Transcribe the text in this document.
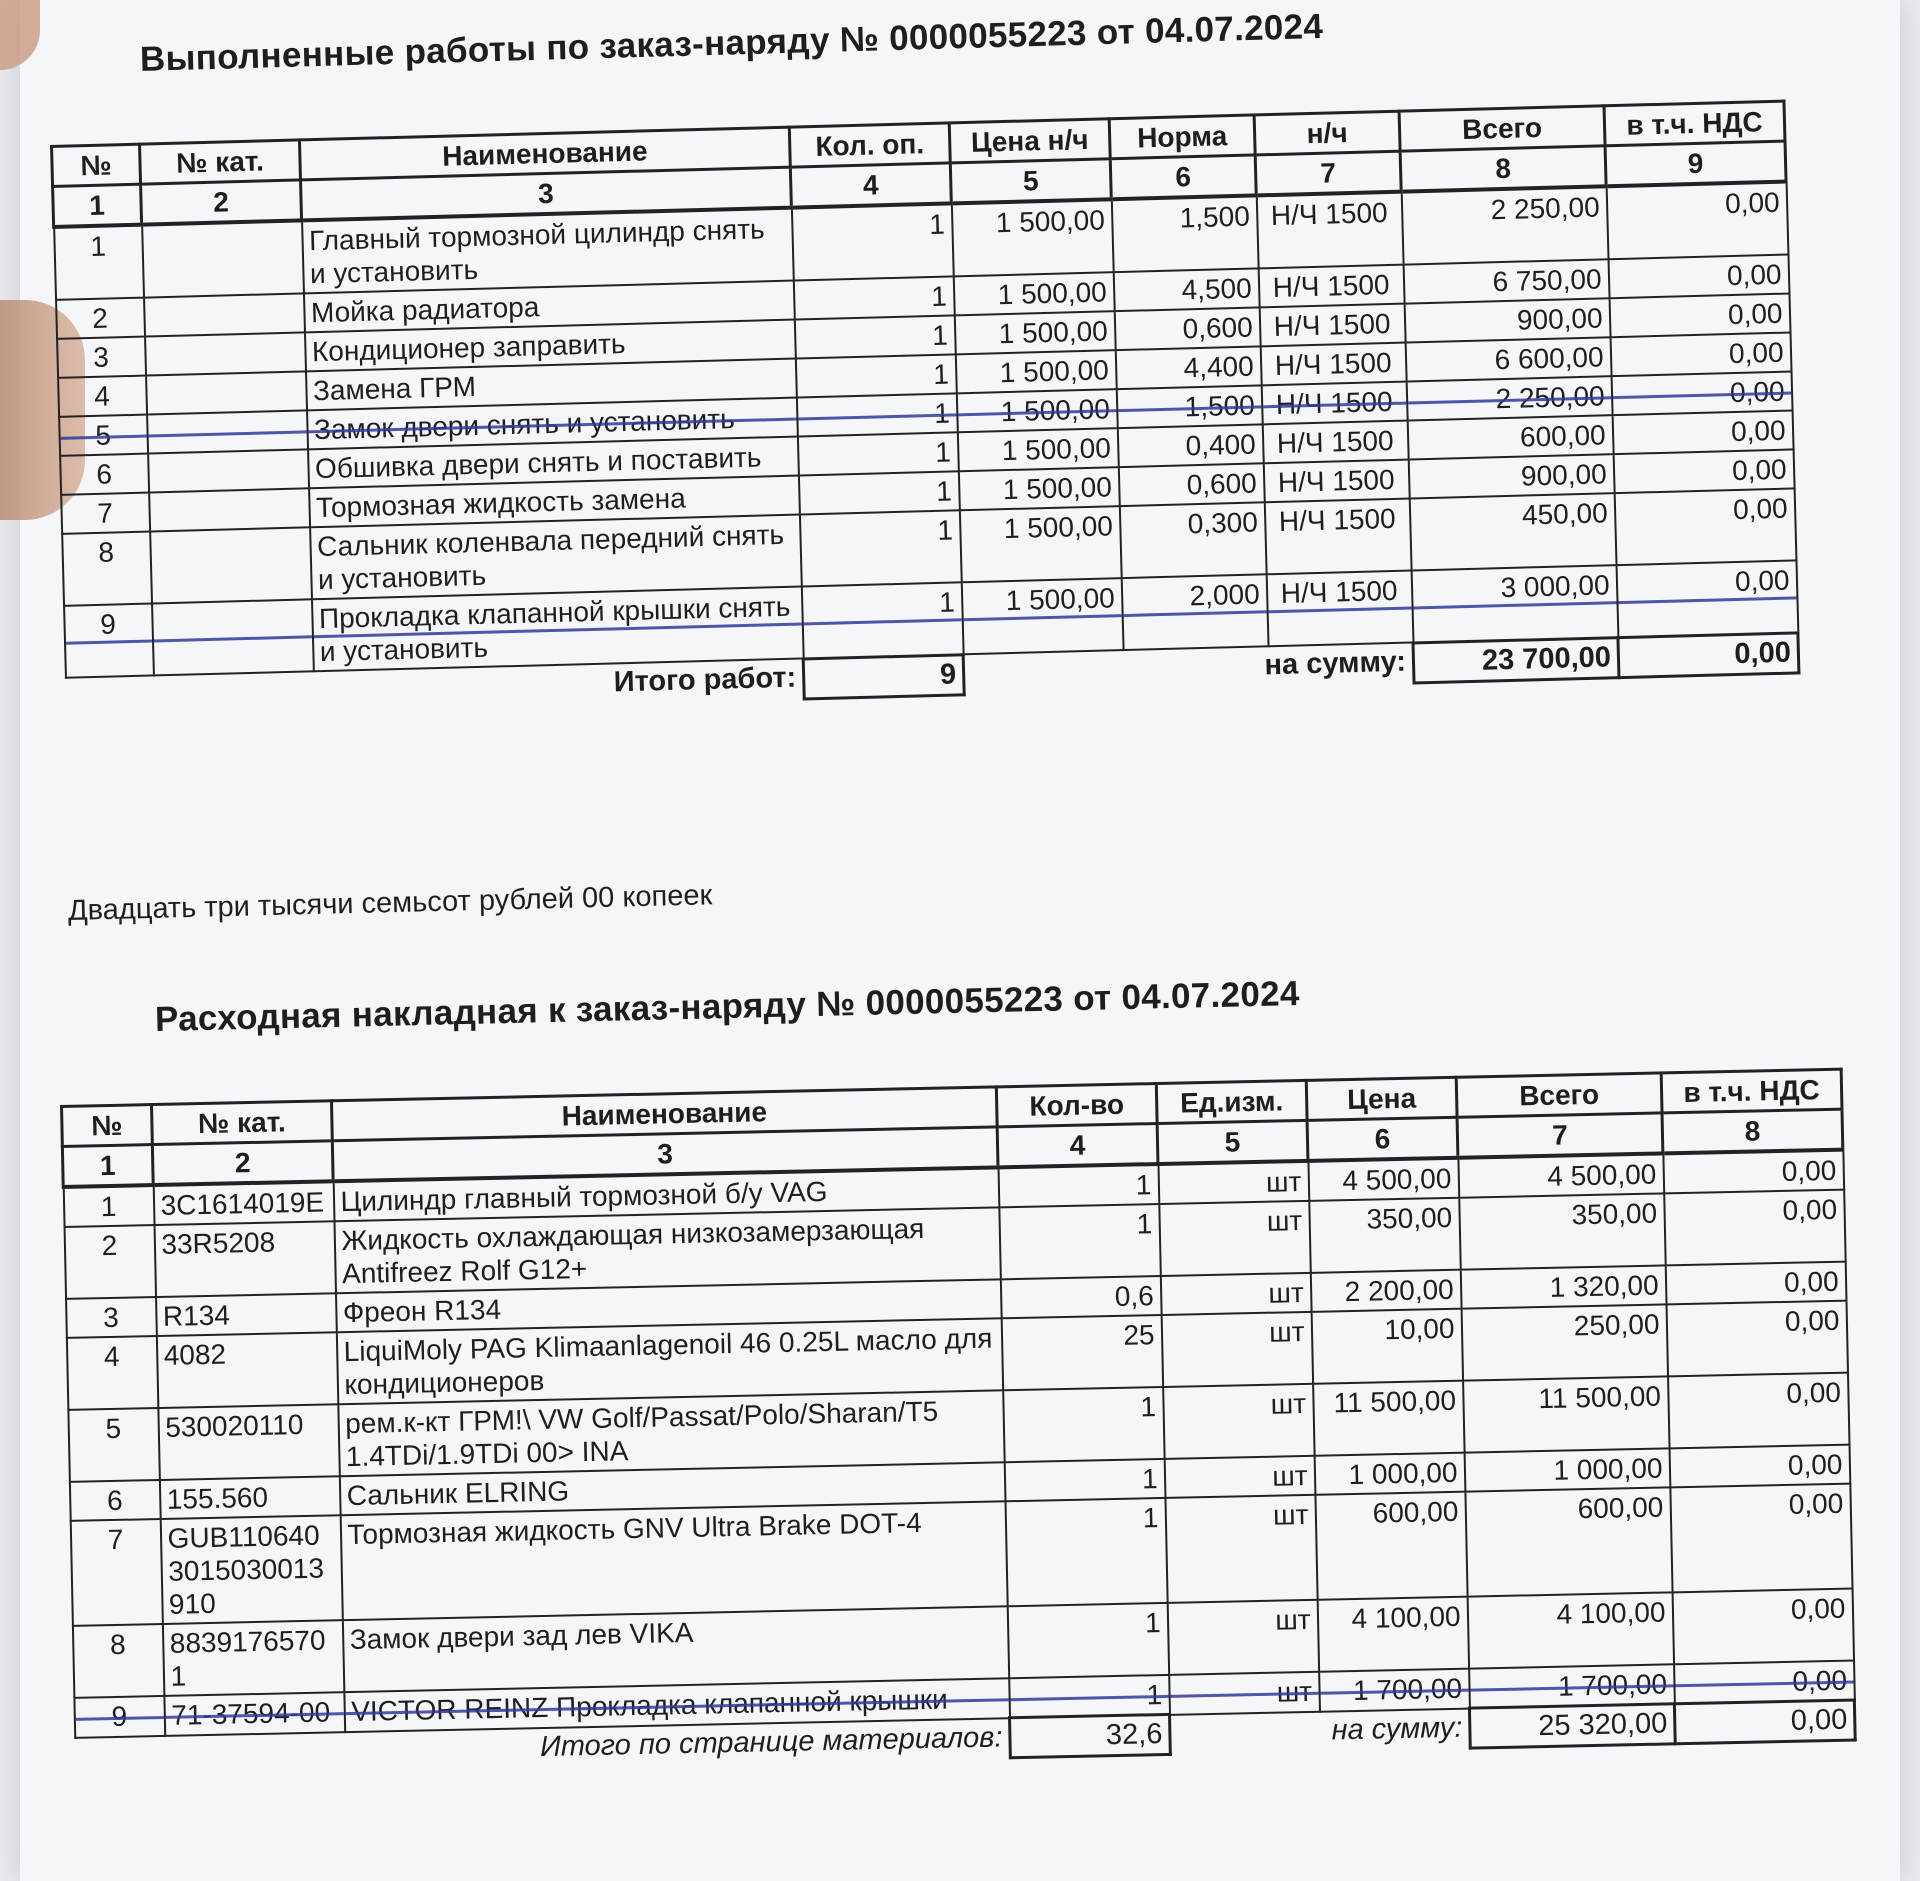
Выполненные работы по заказ-наряду № 0000055223 от 04.07.2024
№	№ кат.	Наименование	Кол. оп.	Цена н/ч	Норма	н/ч	Всего	в т.ч. НДС
1	2	3	4	5	6	7	8	9
1		Главный тормозной цилиндр снять и установить	1	1 500,00	1,500	Н/Ч 1500	2 250,00	0,00
2		Мойка радиатора	1	1 500,00	4,500	Н/Ч 1500	6 750,00	0,00
3		Кондиционер заправить	1	1 500,00	0,600	Н/Ч 1500	900,00	0,00
4		Замена ГРМ	1	1 500,00	4,400	Н/Ч 1500	6 600,00	0,00
5		Замок двери снять и установить	1	1 500,00	1,500	Н/Ч 1500	2 250,00	0,00
6		Обшивка двери снять и поставить	1	1 500,00	0,400	Н/Ч 1500	600,00	0,00
7		Тормозная жидкость замена	1	1 500,00	0,600	Н/Ч 1500	900,00	0,00
8		Сальник коленвала передний снять и установить	1	1 500,00	0,300	Н/Ч 1500	450,00	0,00
9		Прокладка клапанной крышки снять и установить	1	1 500,00	2,000	Н/Ч 1500	3 000,00	0,00
Итого работ:			9	на сумму:			23 700,00	0,00
Двадцать три тысячи семьсот рублей 00 копеек
Расходная накладная к заказ-наряду № 0000055223 от 04.07.2024
№	№ кат.	Наименование	Кол-во	Ед.изм.	Цена	Всего	в т.ч. НДС
1	2	3	4	5	6	7	8
1	3C1614019E	Цилиндр главный тормозной б/у VAG	1	шт	4 500,00	4 500,00	0,00
2	33R5208	Жидкость охлаждающая низкозамерзающая Antifreez Rolf G12+	1	шт	350,00	350,00	0,00
3	R134	Фреон R134	0,6	шт	2 200,00	1 320,00	0,00
4	4082	LiquiMoly PAG Klimaanlagenoil 46 0.25L масло для кондиционеров	25	шт	10,00	250,00	0,00
5	530020110	рем.к-кт ГРМ!\ VW Golf/Passat/Polo/Sharan/T5 1.4TDi/1.9TDi 00> INA	1	шт	11 500,00	11 500,00	0,00
6	155.560	Сальник ELRING	1	шт	1 000,00	1 000,00	0,00
7	GUB110640 3015030013 910	Тормозная жидкость GNV Ultra Brake DOT-4	1	шт	600,00	600,00	0,00
8	8839176570 1	Замок двери зад лев VIKA	1	шт	4 100,00	4 100,00	0,00
9	71-37594-00	VICTOR REINZ Прокладка клапанной крышки	1	шт	1 700,00	1 700,00	0,00
Итого по странице материалов:			32,6	на сумму:		25 320,00	0,00
